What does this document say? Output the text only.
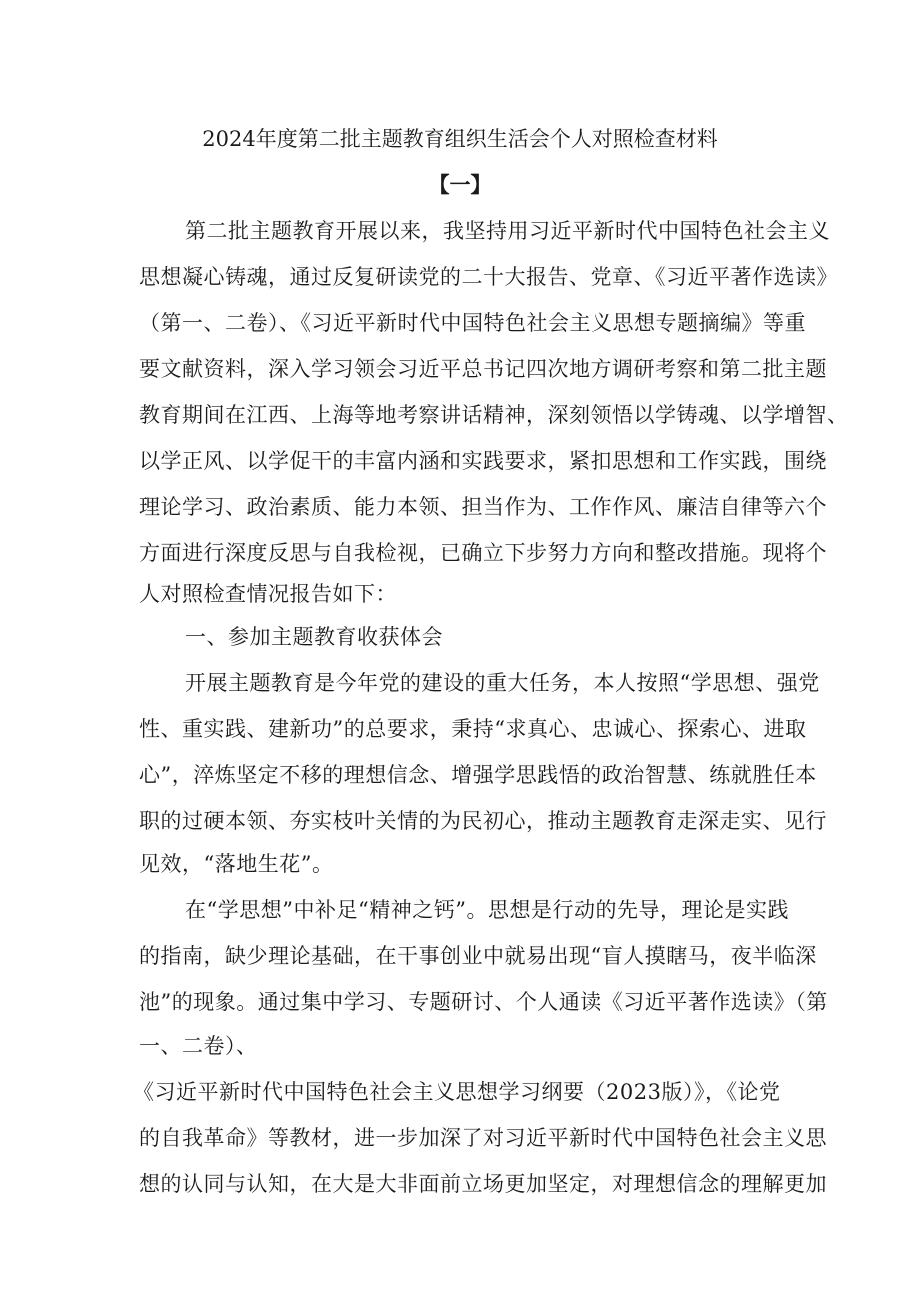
2024年度第二批主题教育组织生活会个人对照检查材料
【一】
第二批主题教育开展以来，我坚持用习近平新时代中国特色社会主义
思想凝心铸魂，通过反复研读党的二十大报告、党章、《习近平著作选读》
（第一、二卷）、《习近平新时代中国特色社会主义思想专题摘编》等重
要文献资料，深入学习领会习近平总书记四次地方调研考察和第二批主题
教育期间在江西、上海等地考察讲话精神，深刻领悟以学铸魂、以学增智、
以学正风、以学促干的丰富内涵和实践要求，紧扣思想和工作实践，围绕
理论学习、政治素质、能力本领、担当作为、工作作风、廉洁自律等六个
方面进行深度反思与自我检视，已确立下步努力方向和整改措施。现将个
人对照检查情况报告如下：
一、参加主题教育收获体会
开展主题教育是今年党的建设的重大任务，本人按照“学思想、强党
性、重实践、建新功”的总要求，秉持“求真心、忠诚心、探索心、进取
心”，淬炼坚定不移的理想信念、增强学思践悟的政治智慧、练就胜任本
职的过硬本领、夯实枝叶关情的为民初心，推动主题教育走深走实、见行
见效，“落地生花”。
在“学思想”中补足“精神之钙”。思想是行动的先导，理论是实践
的指南，缺少理论基础，在干事创业中就易出现“盲人摸瞎马，夜半临深
池”的现象。通过集中学习、专题研讨、个人通读《习近平著作选读》（第
一、二卷）、
《习近平新时代中国特色社会主义思想学习纲要（2023版）》，《论党
的自我革命》等教材，进一步加深了对习近平新时代中国特色社会主义思
想的认同与认知，在大是大非面前立场更加坚定，对理想信念的理解更加
